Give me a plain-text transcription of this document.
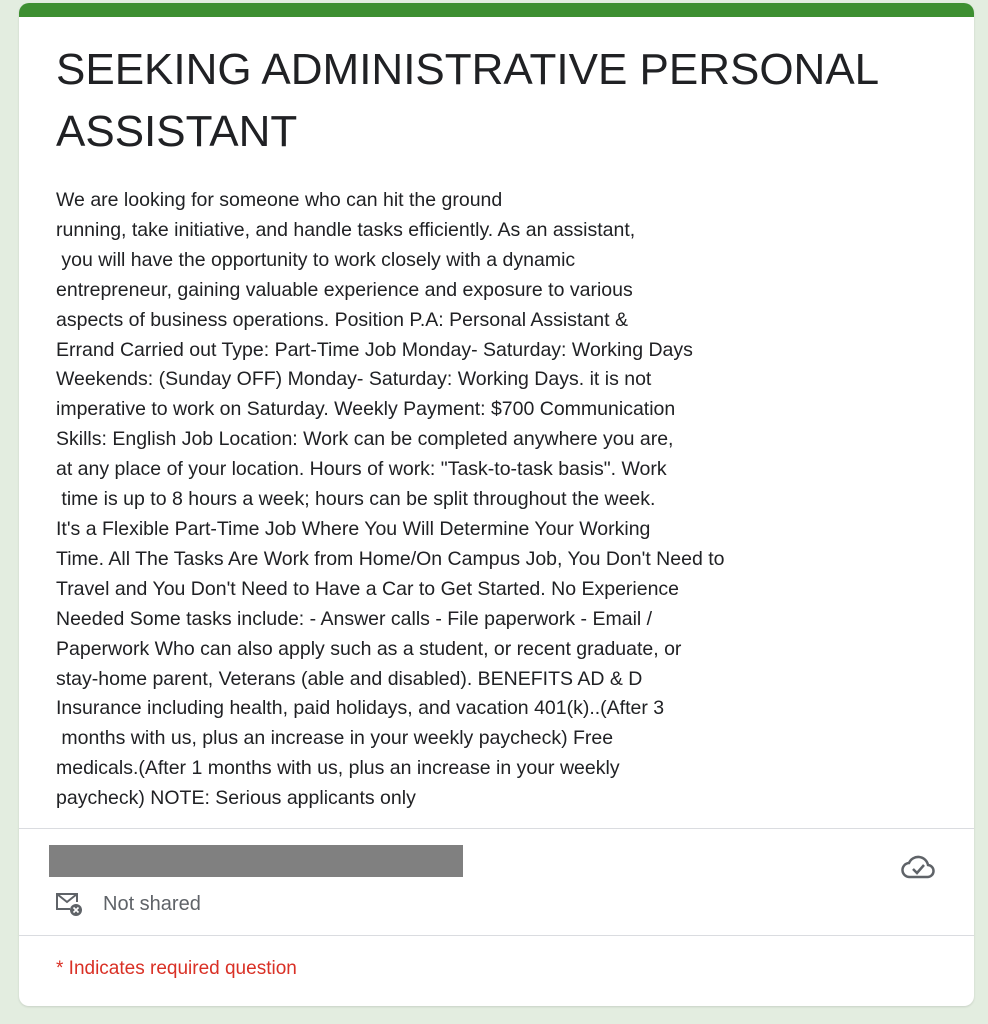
SEEKING ADMINISTRATIVE PERSONAL
ASSISTANT
We are looking for someone who can hit the ground
running, take initiative, and handle tasks efficiently. As an assistant,
you will have the opportunity to work closely with a dynamic
entrepreneur, gaining valuable experience and exposure to various
aspects of business operations. Position P.A: Personal Assistant &
Errand Carried out Type: Part-Time Job Monday- Saturday: Working Days
Weekends: (Sunday OFF) Monday- Saturday: Working Days. it is not
imperative to work on Saturday. Weekly Payment: $700 Communication
Skills: English Job Location: Work can be completed anywhere you are,
at any place of your location. Hours of work: "Task-to-task basis". Work
time is up to 8 hours a week; hours can be split throughout the week.
It's a Flexible Part-Time Job Where You Will Determine Your Working
Time. All The Tasks Are Work from Home/On Campus Job, You Don't Need to
Travel and You Don't Need to Have a Car to Get Started. No Experience
Needed Some tasks include: - Answer calls - File paperwork - Email /
Paperwork Who can also apply such as a student, or recent graduate, or
stay-home parent, Veterans (able and disabled). BENEFITS AD & D
Insurance including health, paid holidays, and vacation 401(k)..(After 3
months with us, plus an increase in your weekly paycheck) Free
medicals.(After 1 months with us, plus an increase in your weekly
paycheck) NOTE: Serious applicants only
Not shared
* Indicates required question
